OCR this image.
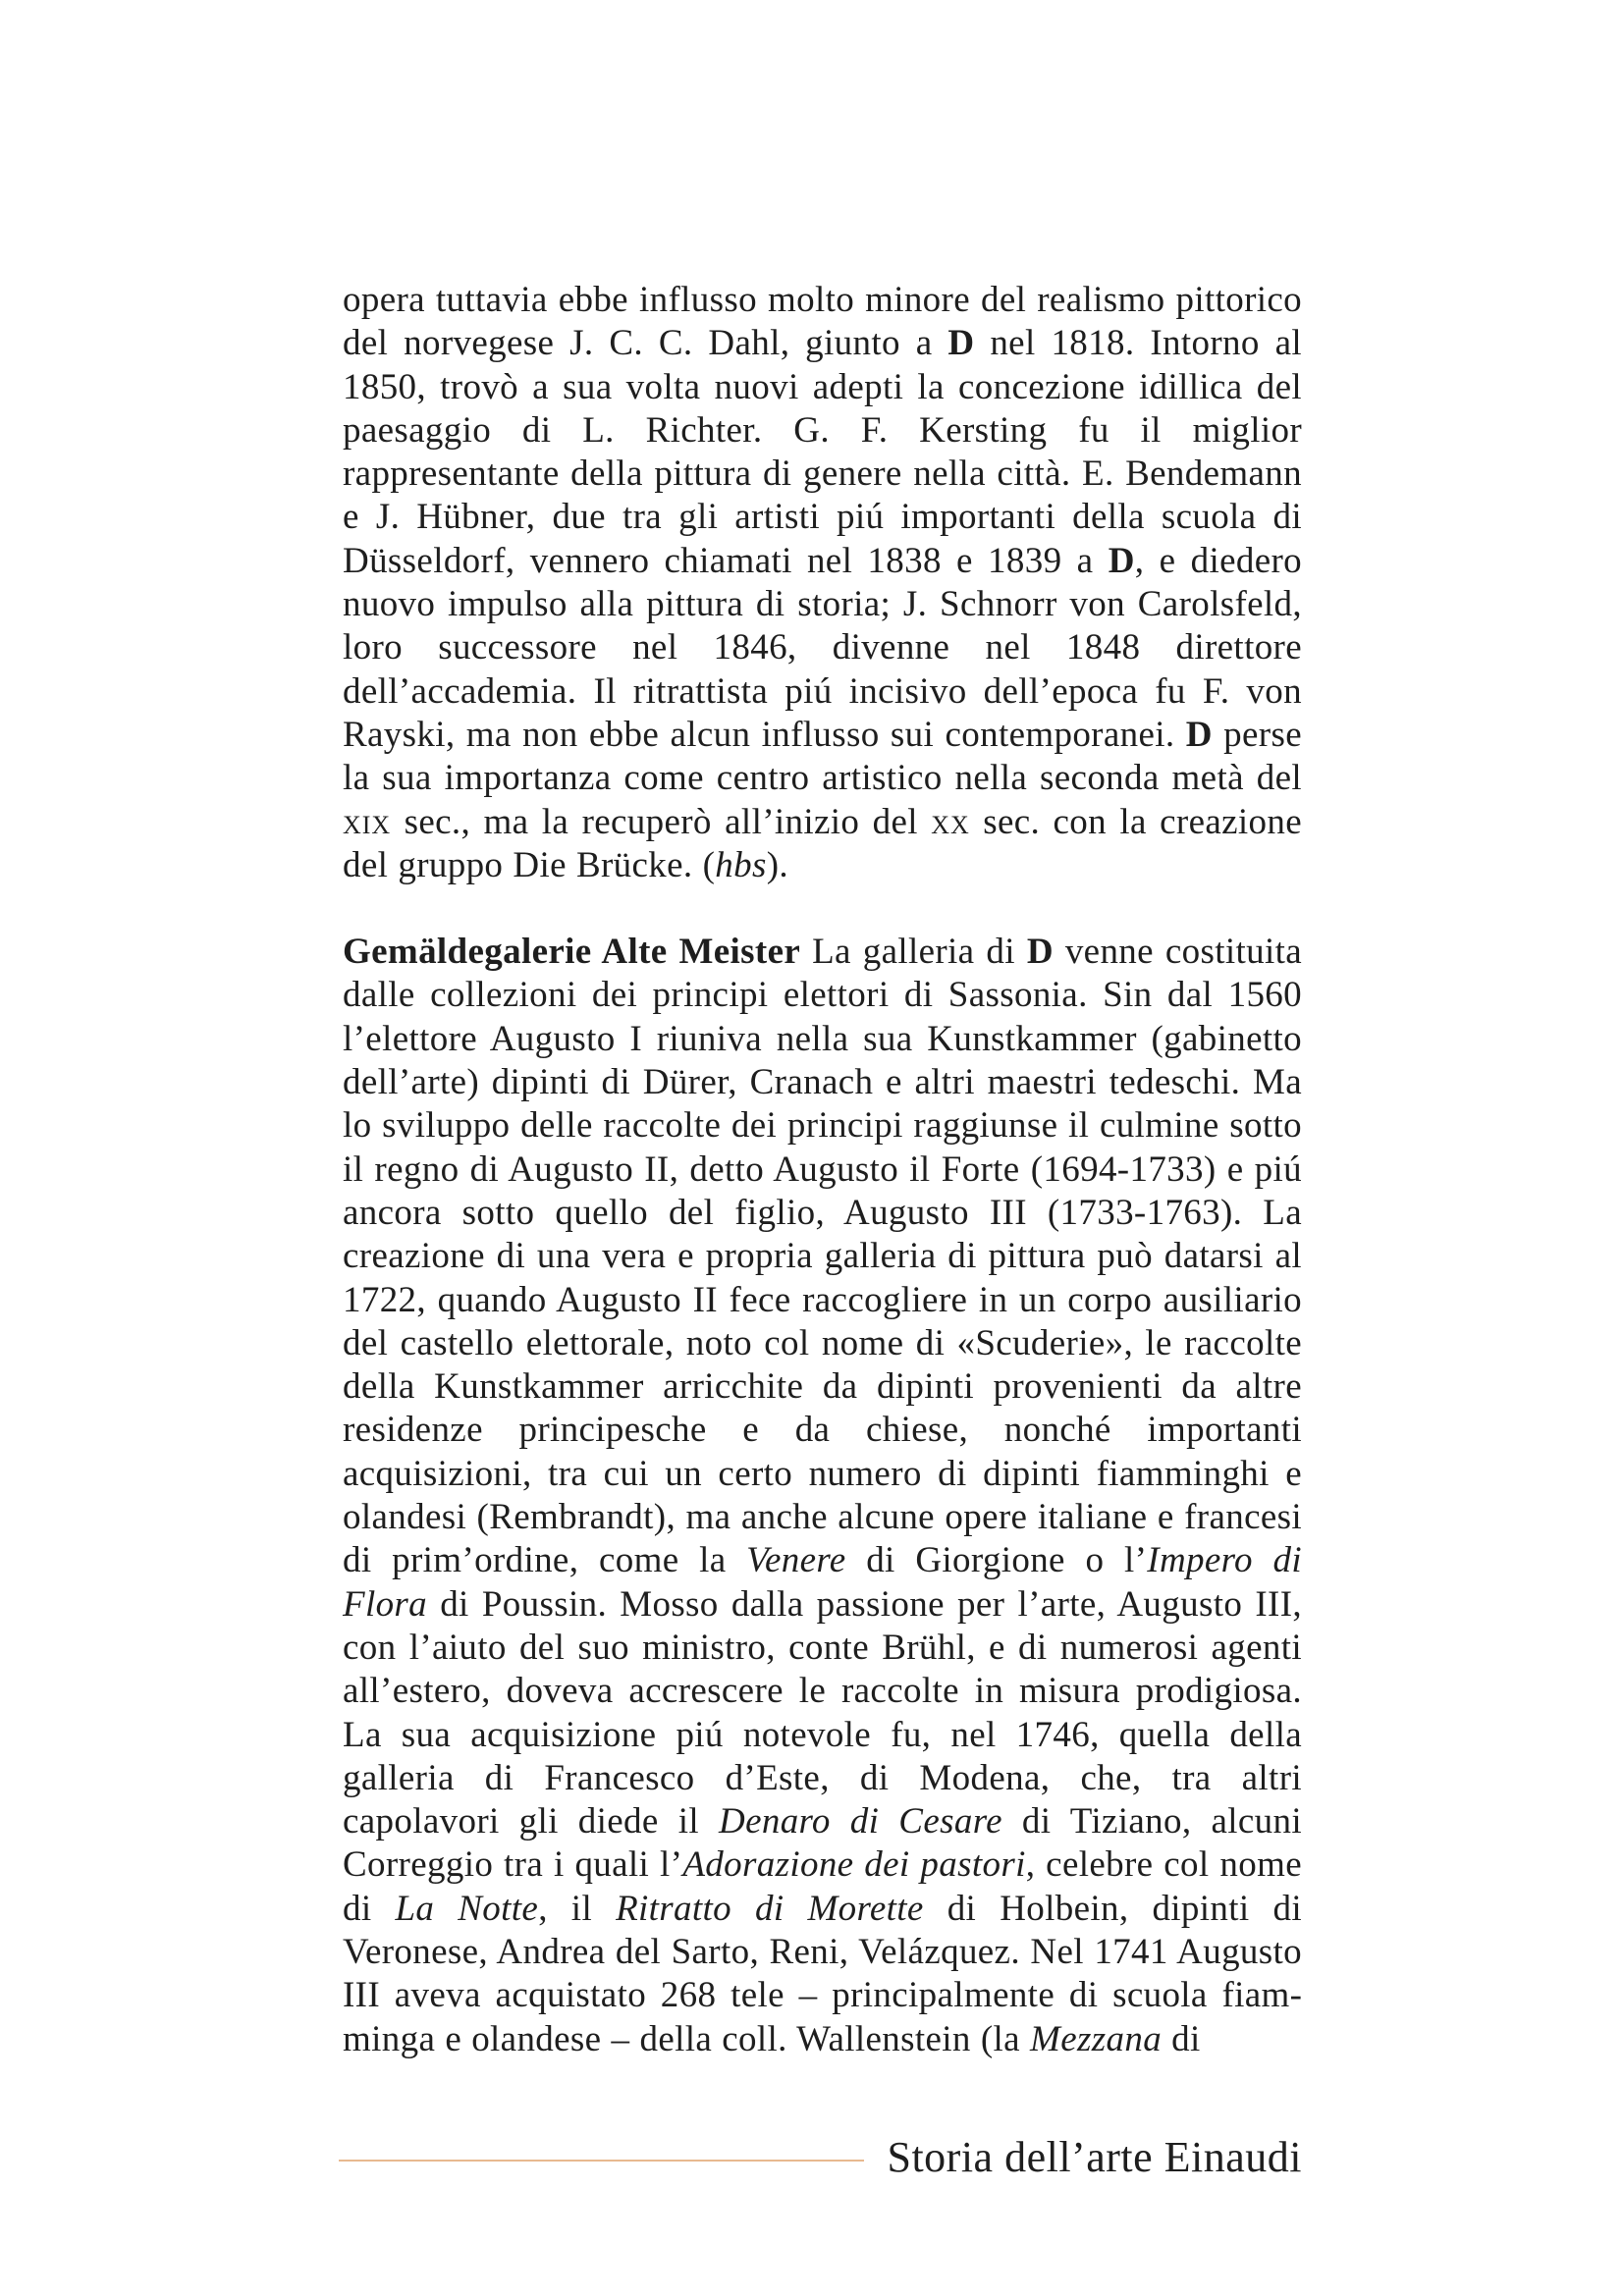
opera tuttavia ebbe influsso molto minore del realismo pittorico del norvegese J. C. C. Dahl, giunto a D nel 1818. Intorno al 1850, trovò a sua volta nuovi adepti la concezione idillica del paesaggio di L. Richter. G. F. Kersting fu il miglior rappresentante della pittura di genere nella città. E. Bendemann e J. Hübner, due tra gli artisti piú importanti della scuola di Düsseldorf, vennero chiamati nel 1838 e 1839 a D, e diedero nuovo impulso alla pittura di storia; J. Schnorr von Carolsfeld, loro successore nel 1846, divenne nel 1848 direttore dell’accademia. Il ritrattista piú incisivo dell’epoca fu F. von Rayski, ma non ebbe alcun influsso sui contemporanei. D perse la sua importanza come centro artistico nella seconda metà del xix sec., ma la recuperò all’inizio del xx sec. con la creazione del gruppo Die Brücke. (hbs).

Gemäldegalerie Alte Meister La galleria di D venne costituita dalle collezioni dei principi elettori di Sassonia. Sin dal 1560 l’elettore Augusto I riuniva nella sua Kunstkammer (gabinetto dell’arte) dipinti di Dürer, Cranach e altri maestri tedeschi. Ma lo sviluppo delle raccolte dei principi raggiunse il culmine sotto il regno di Augusto II, detto Augusto il Forte (1694-1733) e piú ancora sotto quello del figlio, Augusto III (1733-1763). La creazione di una vera e propria galleria di pittura può datarsi al 1722, quando Augusto II fece raccogliere in un corpo ausiliario del castello elettorale, noto col nome di «Scuderie», le raccolte della Kunstkammer arricchite da dipinti provenienti da altre residenze principesche e da chiese, nonché importanti acquisizioni, tra cui un certo numero di dipinti fiamminghi e olandesi (Rembrandt), ma anche alcune opere italiane e francesi di prim’ordine, come la Venere di Giorgione o l’Impero di Flora di Poussin. Mosso dalla passione per l’arte, Augusto III, con l’aiuto del suo ministro, conte Brühl, e di numerosi agenti all’estero, doveva accrescere le raccolte in misura prodigiosa. La sua acquisizione piú notevole fu, nel 1746, quella della galleria di Francesco d’Este, di Modena, che, tra altri capolavori gli diede il Denaro di Cesare di Tiziano, alcuni Correggio tra i quali l’Adorazione dei pastori, celebre col nome di La Notte, il Ritratto di Morette di Holbein, dipinti di Veronese, Andrea del Sarto, Reni, Velázquez. Nel 1741 Augusto III aveva acquistato 268 tele – principalmente di scuola fiamminga e olandese – della coll. Wallenstein (la Mezzana di

Storia dell’arte Einaudi
